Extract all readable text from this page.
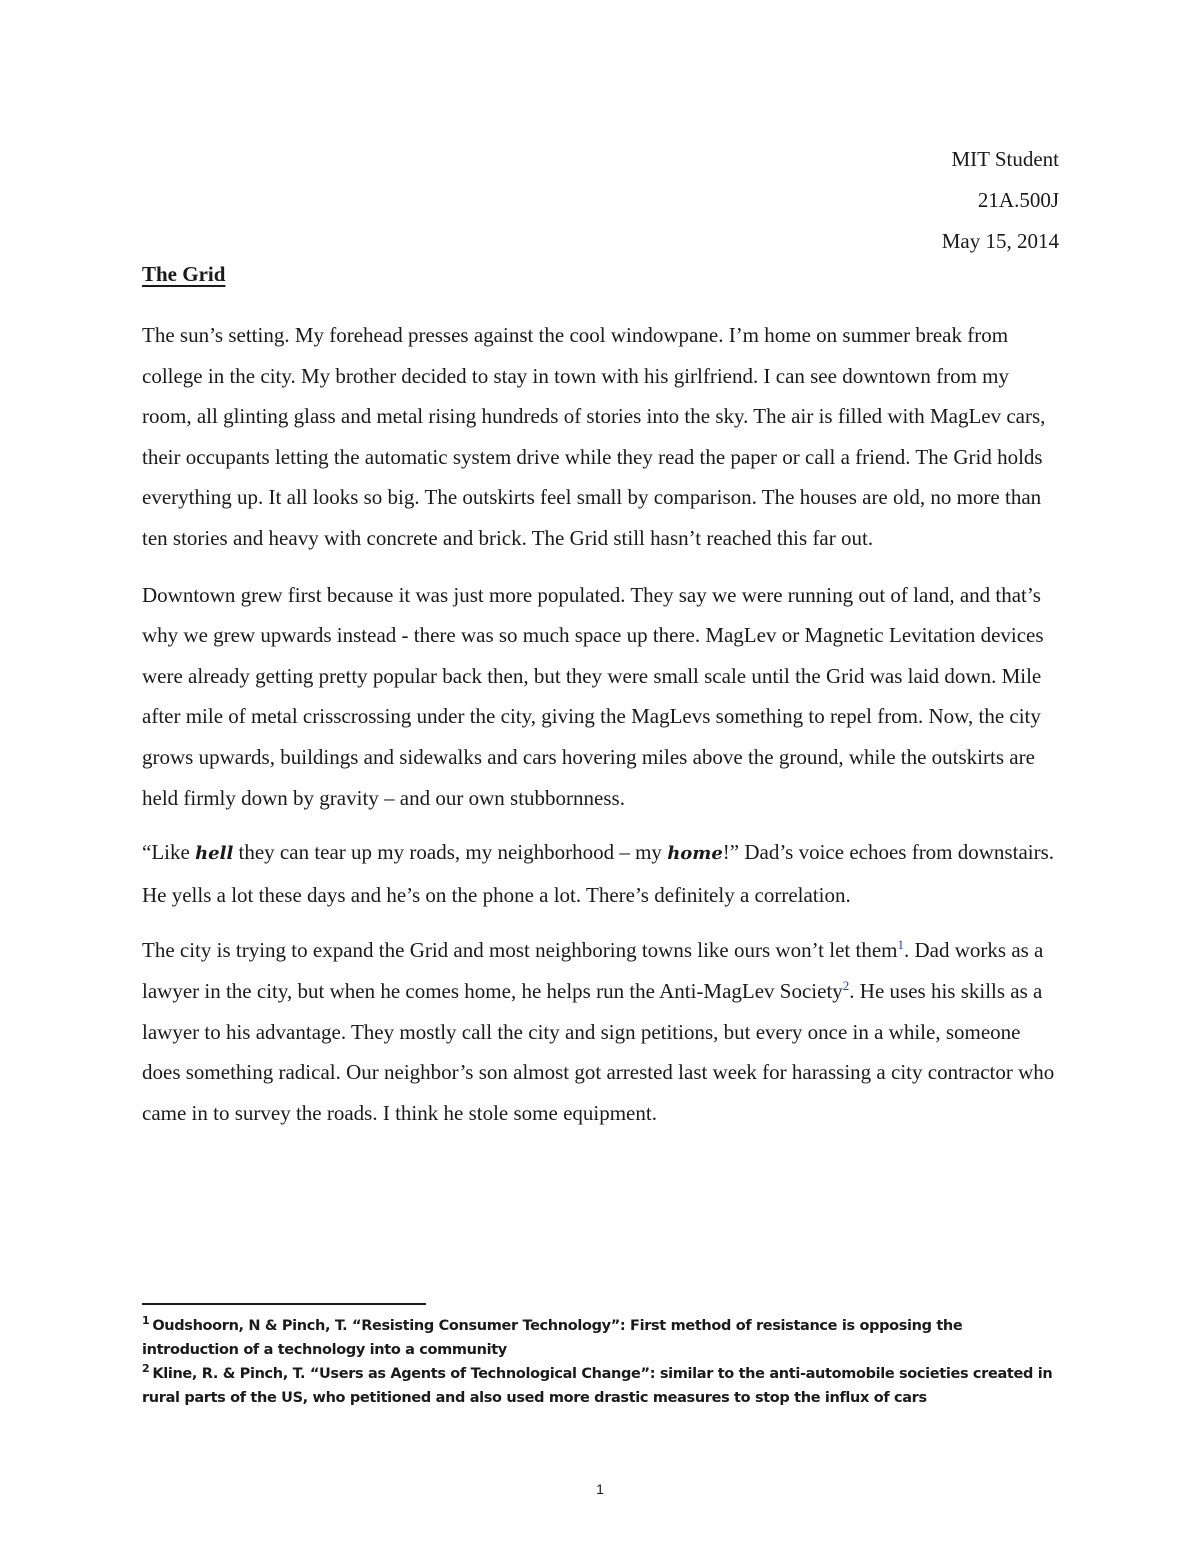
MIT Student
21A.500J
May 15, 2014
The Grid

The sun’s setting. My forehead presses against the cool windowpane. I’m home on summer break from college in the city. My brother decided to stay in town with his girlfriend. I can see downtown from my room, all glinting glass and metal rising hundreds of stories into the sky. The air is filled with MagLev cars, their occupants letting the automatic system drive while they read the paper or call a friend. The Grid holds everything up. It all looks so big. The outskirts feel small by comparison. The houses are old, no more than ten stories and heavy with concrete and brick. The Grid still hasn’t reached this far out.

Downtown grew first because it was just more populated. They say we were running out of land, and that’s why we grew upwards instead - there was so much space up there. MagLev or Magnetic Levitation devices were already getting pretty popular back then, but they were small scale until the Grid was laid down. Mile after mile of metal crisscrossing under the city, giving the MagLevs something to repel from. Now, the city grows upwards, buildings and sidewalks and cars hovering miles above the ground, while the outskirts are held firmly down by gravity – and our own stubbornness.

“Like hell they can tear up my roads, my neighborhood – my home!” Dad’s voice echoes from downstairs. He yells a lot these days and he’s on the phone a lot. There’s definitely a correlation.

The city is trying to expand the Grid and most neighboring towns like ours won’t let them$^1$. Dad works as a lawyer in the city, but when he comes home, he helps run the Anti-MagLev Society$^2$. He uses his skills as a lawyer to his advantage. They mostly call the city and sign petitions, but every once in a while, someone does something radical. Our neighbor’s son almost got arrested last week for harassing a city contractor who came in to survey the roads. I think he stole some equipment.

$^1$ Oudshoorn, N & Pinch, T. “Resisting Consumer Technology”: First method of resistance is opposing the introduction of a technology into a community
$^2$ Kline, R. & Pinch, T. “Users as Agents of Technological Change”: similar to the anti-automobile societies created in rural parts of the US, who petitioned and also used more drastic measures to stop the influx of cars
1
